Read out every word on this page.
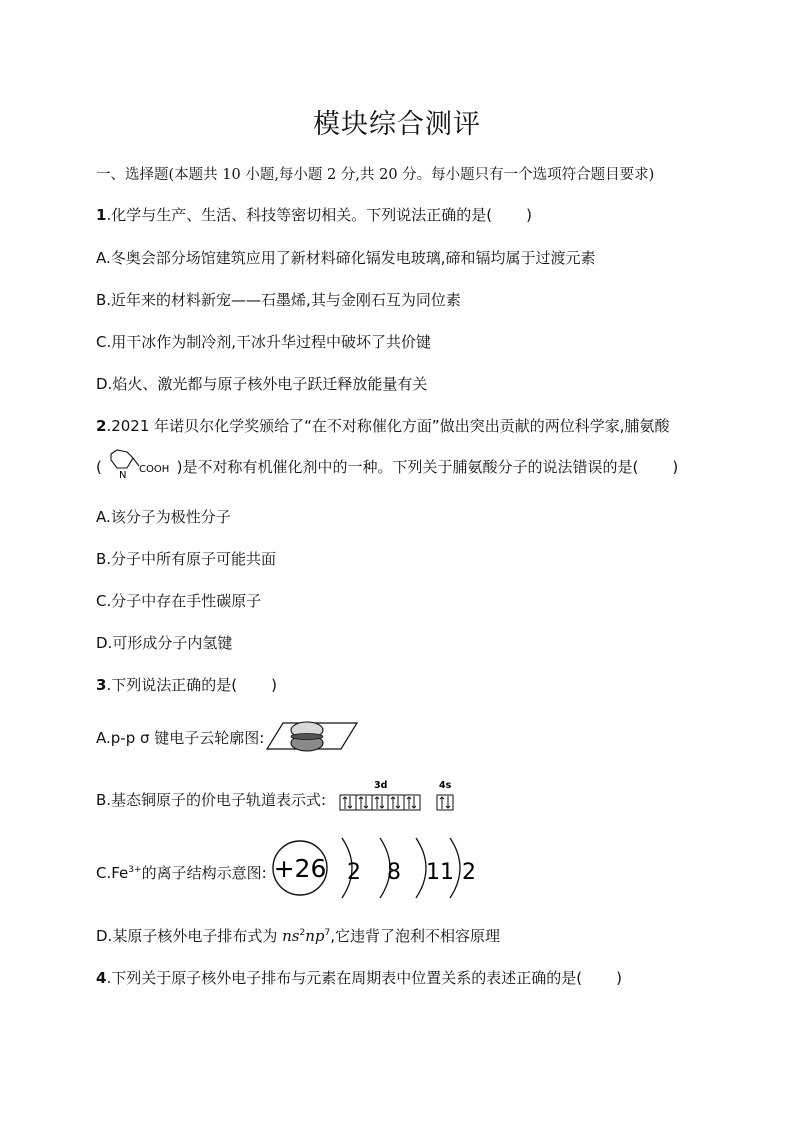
模块综合测评
一、选择题(本题共 10 小题,每小题 2 分,共 20 分。每小题只有一个选项符合题目要求)
1.化学与生产、生活、科技等密切相关。下列说法正确的是( )
A.冬奥会部分场馆建筑应用了新材料碲化镉发电玻璃,碲和镉均属于过渡元素
B.近年来的材料新宠——石墨烯,其与金刚石互为同位素
C.用干冰作为制冷剂,干冰升华过程中破坏了共价键
D.焰火、激光都与原子核外电子跃迁释放能量有关
2.2021 年诺贝尔化学奖颁给了“在不对称催化方面”做出突出贡献的两位科学家,脯氨酸
( N
COOH )是不对称有机催化剂中的一种。下列关于脯氨酸分子的说法错误的是( )
A.该分子为极性分子
B.分子中所有原子可能共面
C.分子中存在手性碳原子
D.可形成分子内氢键
3.下列说法正确的是( )
A.p-p σ 键电子云轮廓图:
B.基态铜原子的价电子轨道表示式:
3d	4s
$C.Fe^{3+}$的离子结构示意图: +26 2 8 11 2
D.某原子核外电子排布式为 $ns^2np^7$,它违背了泡利不相容原理
4.下列关于原子核外电子排布与元素在周期表中位置关系的表述正确的是( )
